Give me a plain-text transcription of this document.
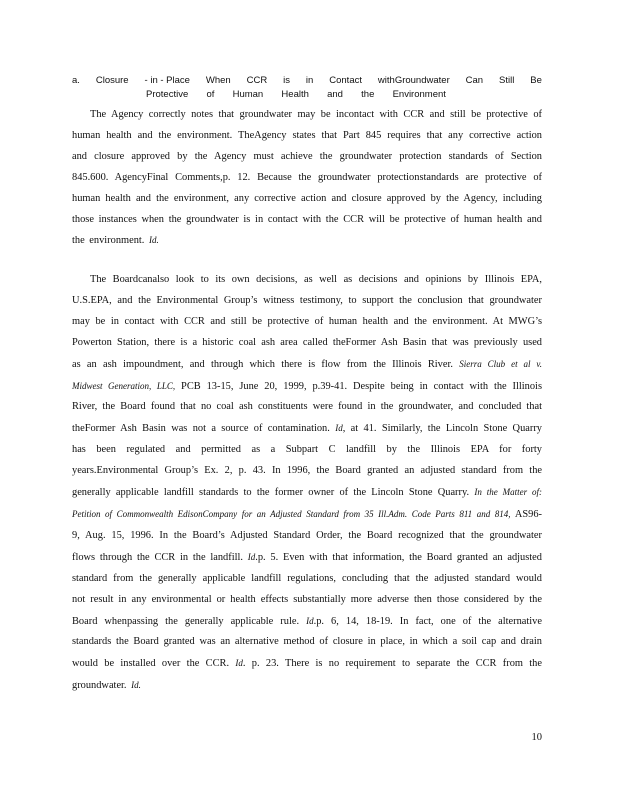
a. Closure - in - Place When CCR is in Contact withGroundwater Can Still Be
Protective of Human Health and the Environment

The Agency correctly notes that groundwater may be incontact with CCR and still be protective of human health and the environment. TheAgency states that Part 845 requires that any corrective action and closure approved by the Agency must achieve the groundwater protection standards of Section 845.600. AgencyFinal Comments,p. 12. Because the groundwater protectionstandards are protective of human health and the environment, any corrective action and closure approved by the Agency, including those instances when the groundwater is in contact with the CCR will be protective of human health and the environment. Id.

The Boardcanalso look to its own decisions, as well as decisions and opinions by Illinois EPA, U.S.EPA, and the Environmental Group’s witness testimony, to support the conclusion that groundwater may be in contact with CCR and still be protective of human health and the environment. At MWG’s Powerton Station, there is a historic coal ash area called theFormer Ash Basin that was previously used as an ash impoundment, and through which there is flow from the Illinois River. Sierra Club et al v. Midwest Generation, LLC, PCB 13-15, June 20, 1999, p.39-41. Despite being in contact with the Illinois River, the Board found that no coal ash constituents were found in the groundwater, and concluded that theFormer Ash Basin was not a source of contamination. Id, at 41. Similarly, the Lincoln Stone Quarry has been regulated and permitted as a Subpart C landfill by the Illinois EPA for forty years.Environmental Group’s Ex. 2, p. 43. In 1996, the Board granted an adjusted standard from the generally applicable landfill standards to the former owner of the Lincoln Stone Quarry. In the Matter of: Petition of Commonwealth EdisonCompany for an Adjusted Standard from 35 Ill.Adm. Code Parts 811 and 814, AS96-9, Aug. 15, 1996. In the Board’s Adjusted Standard Order, the Board recognized that the groundwater flows through the CCR in the landfill. Id.p. 5. Even with that information, the Board granted an adjusted standard from the generally applicable landfill regulations, concluding that the adjusted standard would not result in any environmental or health effects substantially more adverse then those considered by the Board whenpassing the generally applicable rule. Id.p. 6, 14, 18-19. In fact, one of the alternative standards the Board granted was an alternative method of closure in place, in which a soil cap and drain would be installed over the CCR. Id. p. 23. There is no requirement to separate the CCR from the groundwater. Id.

10
